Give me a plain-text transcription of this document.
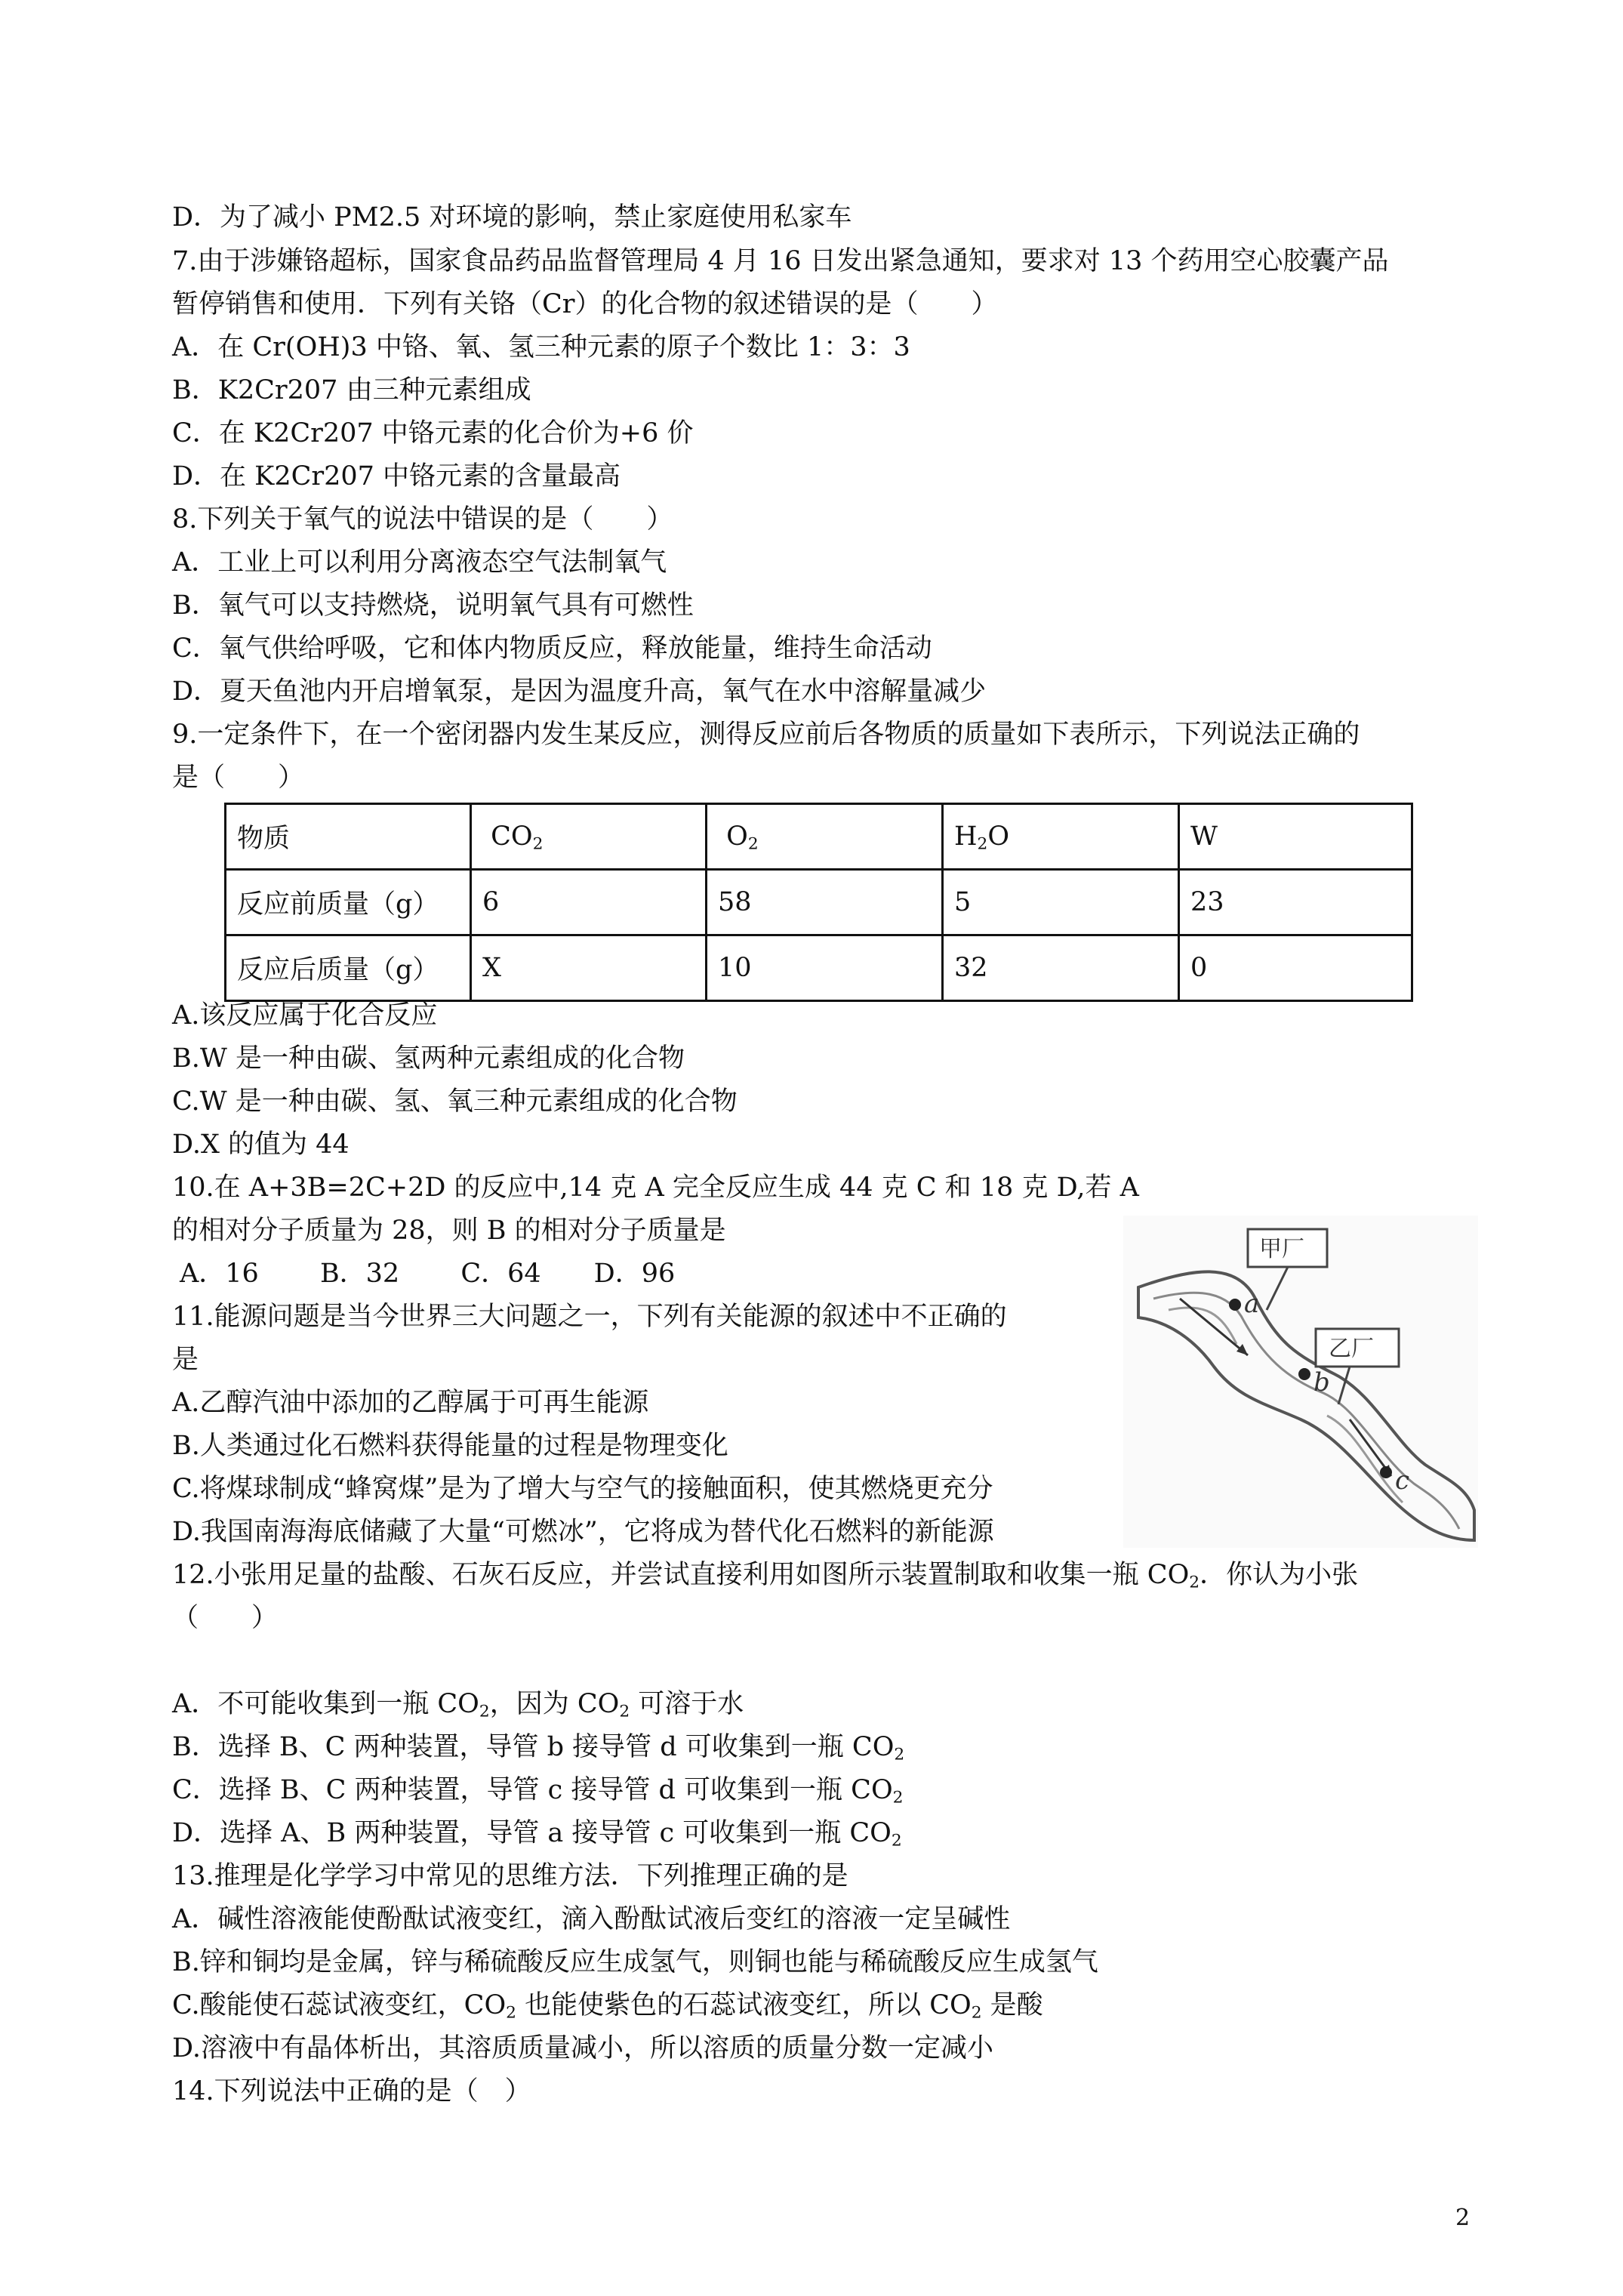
D．为了减小 PM2.5 对环境的影响，禁止家庭使用私家车
7.由于涉嫌铬超标，国家食品药品监督管理局 4 月 16 日发出紧急通知，要求对 13 个药用空心胶囊产品
暂停销售和使用．下列有关铬（Cr）的化合物的叙述错误的是（　　）
A．在 Cr(OH)3 中铬、氧、氢三种元素的原子个数比 1：3：3
B．K2Cr207 由三种元素组成
C．在 K2Cr207 中铬元素的化合价为+6 价
D．在 K2Cr207 中铬元素的含量最高
8.下列关于氧气的说法中错误的是（　　）
A．工业上可以利用分离液态空气法制氧气
B．氧气可以支持燃烧，说明氧气具有可燃性
C．氧气供给呼吸，它和体内物质反应，释放能量，维持生命活动
D．夏天鱼池内开启增氧泵，是因为温度升高，氧气在水中溶解量减少
9.一定条件下，在一个密闭器内发生某反应，测得反应前后各物质的质量如下表所示，下列说法正确的
是（　　）
物质	$CO_2$	$O_2$	$H_2O$	W
反应前质量（g）	6	58	5	23
反应后质量（g）	X	10	32	0
A.该反应属于化合反应
B.W 是一种由碳、氢两种元素组成的化合物
C.W 是一种由碳、氢、氧三种元素组成的化合物
D.X 的值为 44
10.在 A+3B=2C+2D 的反应中,14 克 A 完全反应生成 44 克 C 和 18 克 D,若 A
的相对分子质量为 28，则 B 的相对分子质量是
A．16　　 B．32　　 C．64　　D．96
11.能源问题是当今世界三大问题之一，下列有关能源的叙述中不正确的
是
A.乙醇汽油中添加的乙醇属于可再生能源
B.人类通过化石燃料获得能量的过程是物理变化
C.将煤球制成“蜂窝煤”是为了增大与空气的接触面积，使其燃烧更充分
D.我国南海海底储藏了大量“可燃冰”，它将成为替代化石燃料的新能源
甲厂
乙厂
a
b
c
12.小张用足量的盐酸、石灰石反应，并尝试直接利用如图所示装置制取和收集一瓶 $CO_2$．你认为小张
（　　）
A．不可能收集到一瓶 $CO_2$，因为 $CO_2$ 可溶于水
B．选择 B、C 两种装置，导管 b 接导管 d 可收集到一瓶 $CO_2$
C．选择 B、C 两种装置，导管 c 接导管 d 可收集到一瓶 $CO_2$
D．选择 A、B 两种装置，导管 a 接导管 c 可收集到一瓶 $CO_2$
13.推理是化学学习中常见的思维方法．下列推理正确的是
A．碱性溶液能使酚酞试液变红，滴入酚酞试液后变红的溶液一定呈碱性
B.锌和铜均是金属，锌与稀硫酸反应生成氢气，则铜也能与稀硫酸反应生成氢气
C.酸能使石蕊试液变红，$CO_2$ 也能使紫色的石蕊试液变红，所以 $CO_2$ 是酸
D.溶液中有晶体析出，其溶质质量减小，所以溶质的质量分数一定减小
14.下列说法中正确的是（　）
2
